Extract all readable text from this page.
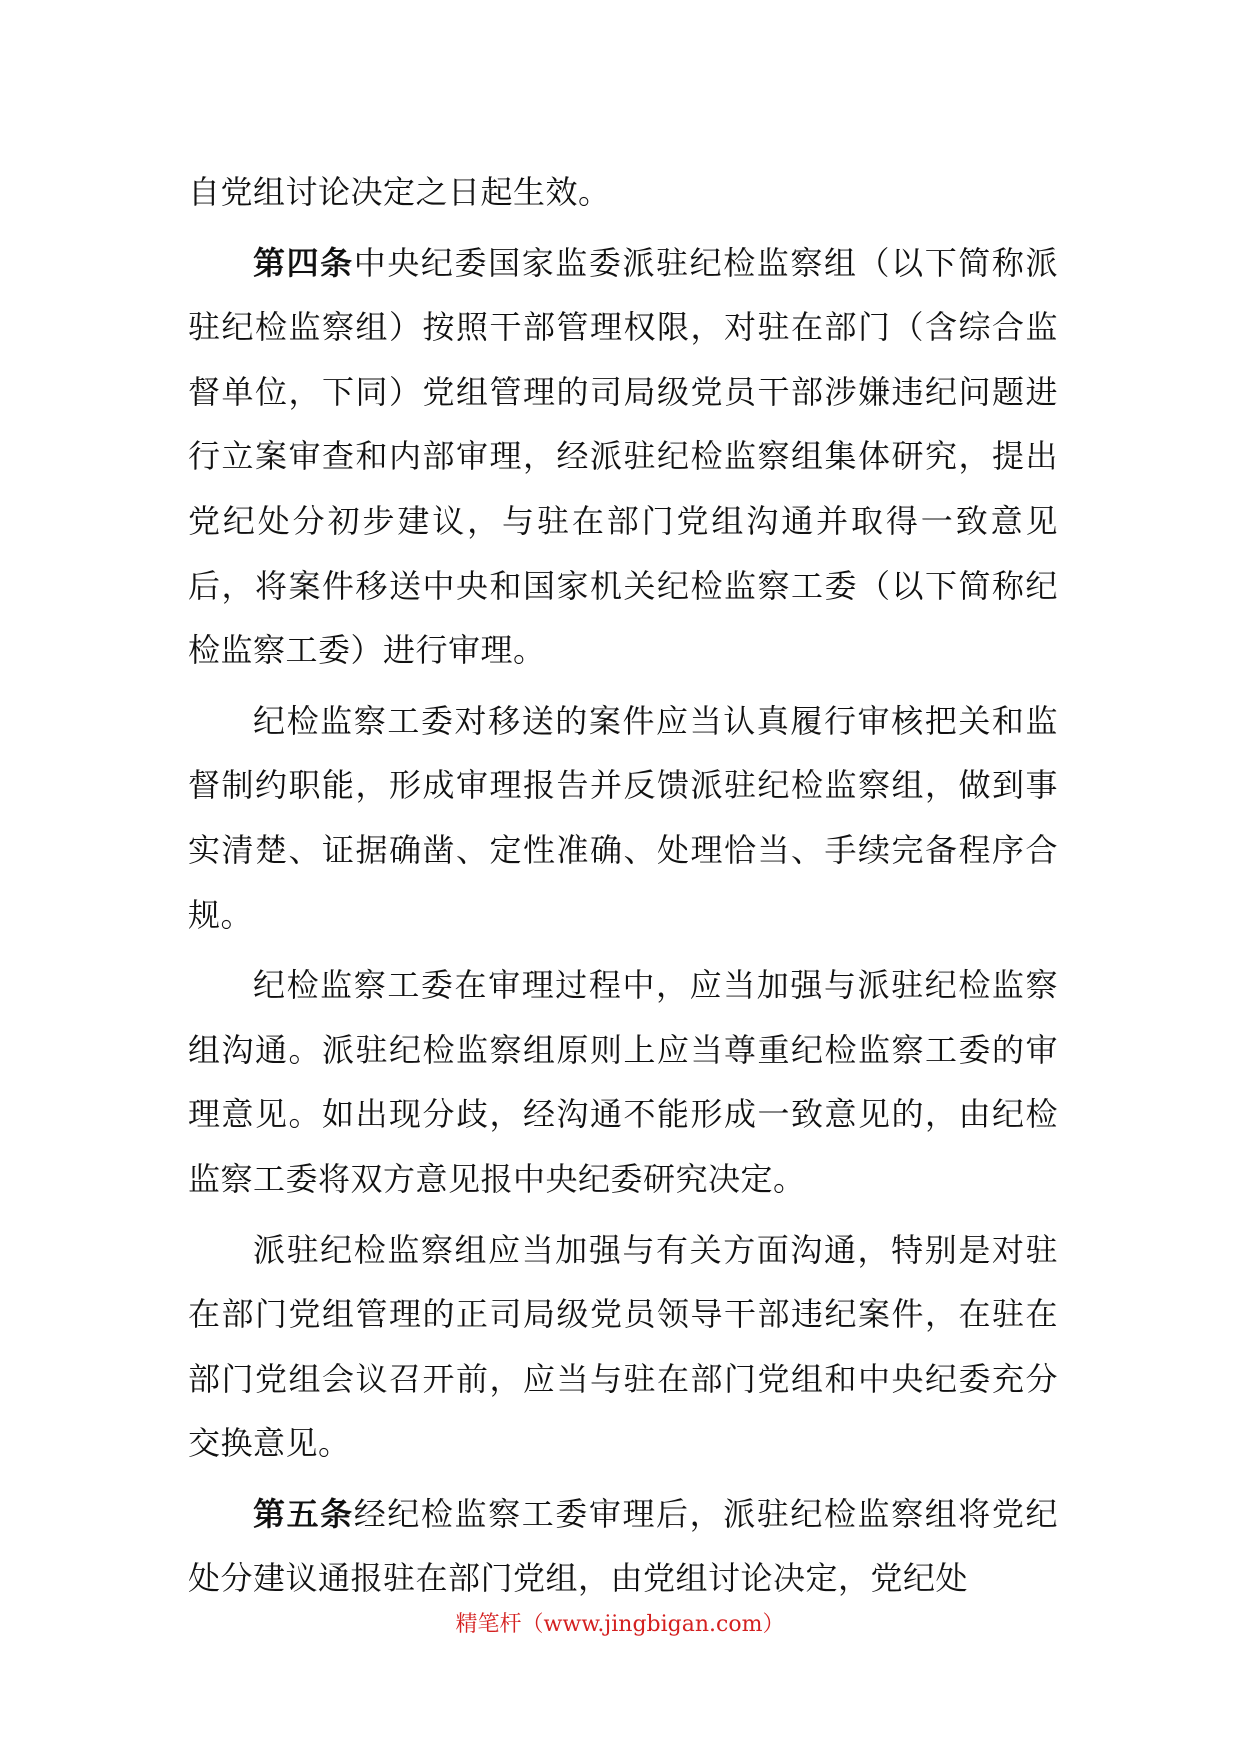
自党组讨论决定之日起生效。

第四条中央纪委国家监委派驻纪检监察组（以下简称派驻纪检监察组）按照干部管理权限，对驻在部门（含综合监督单位，下同）党组管理的司局级党员干部涉嫌违纪问题进行立案审查和内部审理，经派驻纪检监察组集体研究，提出党纪处分初步建议，与驻在部门党组沟通并取得一致意见后，将案件移送中央和国家机关纪检监察工委（以下简称纪检监察工委）进行审理。

纪检监察工委对移送的案件应当认真履行审核把关和监督制约职能，形成审理报告并反馈派驻纪检监察组，做到事实清楚、证据确凿、定性准确、处理恰当、手续完备程序合规。

纪检监察工委在审理过程中，应当加强与派驻纪检监察组沟通。派驻纪检监察组原则上应当尊重纪检监察工委的审理意见。如出现分歧，经沟通不能形成一致意见的，由纪检监察工委将双方意见报中央纪委研究决定。

派驻纪检监察组应当加强与有关方面沟通，特别是对驻在部门党组管理的正司局级党员领导干部违纪案件，在驻在部门党组会议召开前，应当与驻在部门党组和中央纪委充分交换意见。

第五条经纪检监察工委审理后，派驻纪检监察组将党纪处分建议通报驻在部门党组，由党组讨论决定，党纪处

精笔杆（www.jingbigan.com）
